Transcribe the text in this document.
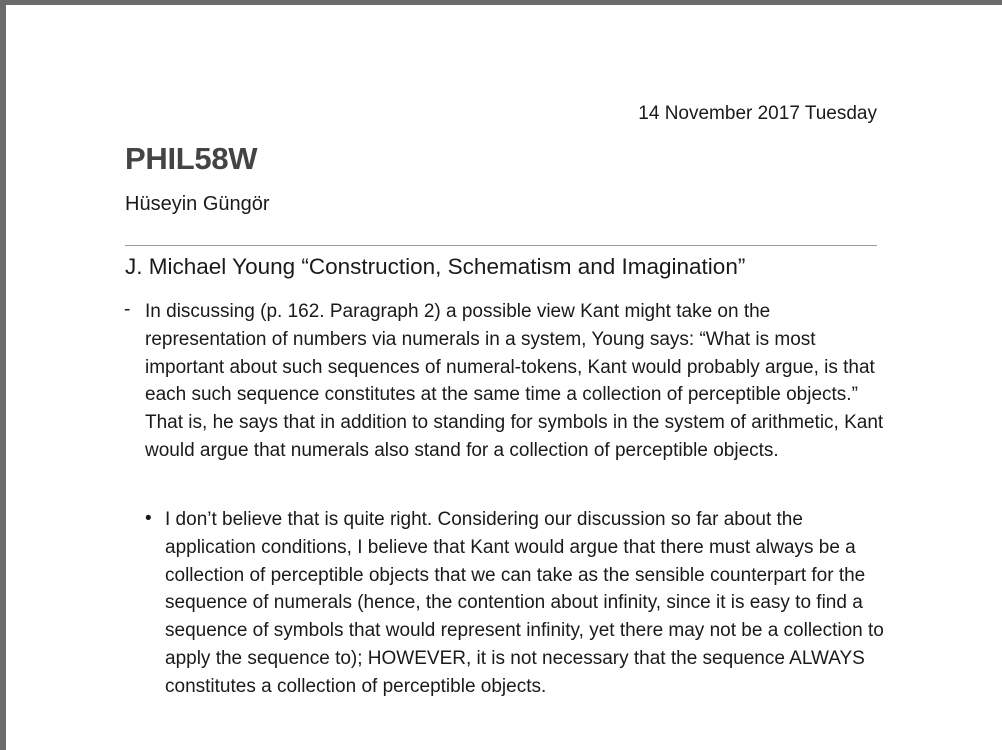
14 November 2017 Tuesday
PHIL58W
Hüseyin Güngör
J. Michael Young “Construction, Schematism and Imagination”
- In discussing (p. 162. Paragraph 2) a possible view Kant might take on the representation of numbers via numerals in a system, Young says: “What is most important about such sequences of numeral-tokens, Kant would probably argue, is that each such sequence constitutes at the same time a collection of perceptible objects.” That is, he says that in addition to standing for symbols in the system of arithmetic, Kant would argue that numerals also stand for a collection of perceptible objects.

• I don’t believe that is quite right. Considering our discussion so far about the application conditions, I believe that Kant would argue that there must always be a collection of perceptible objects that we can take as the sensible counterpart for the sequence of numerals (hence, the contention about infinity, since it is easy to find a sequence of symbols that would represent infinity, yet there may not be a collection to apply the sequence to); HOWEVER, it is not necessary that the sequence ALWAYS constitutes a collection of perceptible objects.
